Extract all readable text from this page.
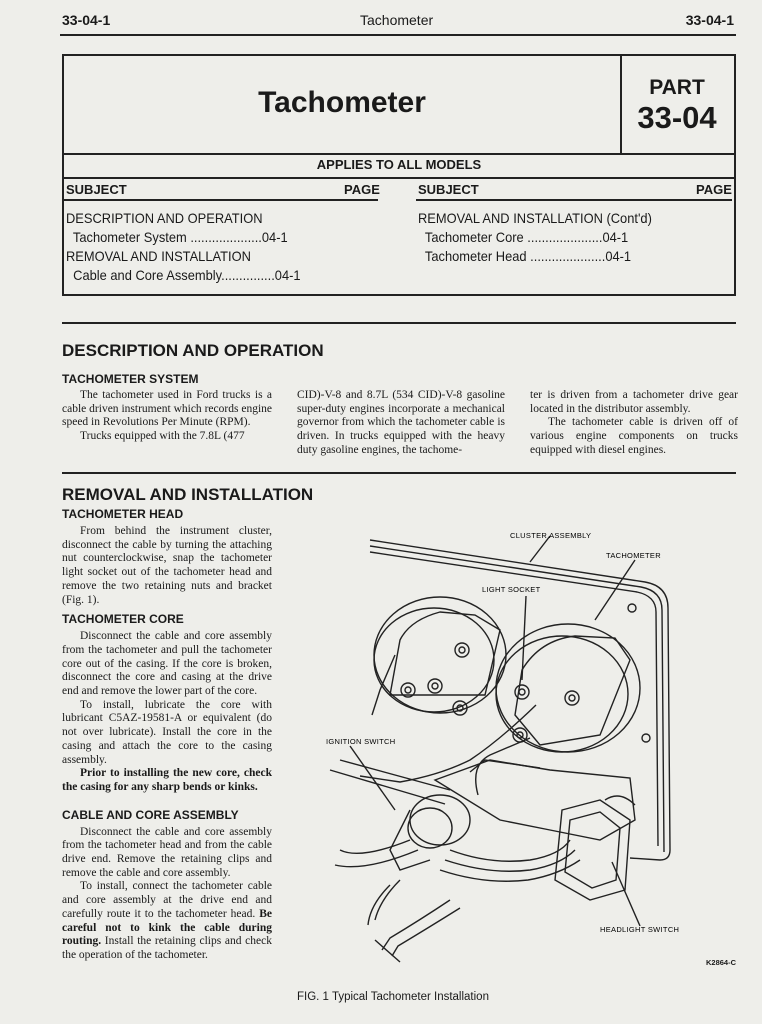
33-04-1	Tachometer	33-04-1
Tachometer	PART
33-04
APPLIES TO ALL MODELS
SUBJECT	PAGE	SUBJECT	PAGE
DESCRIPTION AND OPERATION
Tachometer System ....................04-1
REMOVAL AND INSTALLATION
Cable and Core Assembly...............04-1
REMOVAL AND INSTALLATION (Cont'd)
Tachometer Core .....................04-1
Tachometer Head .....................04-1
DESCRIPTION AND OPERATION
TACHOMETER SYSTEM

The tachometer used in Ford trucks is a cable driven instrument which records engine speed in Revolutions Per Minute (RPM).

Trucks equipped with the 7.8L (477

CID)-V-8 and 8.7L (534 CID)-V-8 gasoline super-duty engines incorporate a mechanical governor from which the tachometer cable is driven. In trucks equipped with the heavy duty gasoline engines, the tachome-

ter is driven from a tachometer drive gear located in the distributor assembly.

The tachometer cable is driven off of various engine components on trucks equipped with diesel engines.

REMOVAL AND INSTALLATION
TACHOMETER HEAD

From behind the instrument cluster, disconnect the cable by turning the attaching nut counterclockwise, snap the tachometer light socket out of the tachometer head and remove the two retaining nuts and bracket (Fig. 1).

TACHOMETER CORE

Disconnect the cable and core assembly from the tachometer and pull the tachometer core out of the casing. If the core is broken, disconnect the core and casing at the drive end and remove the lower part of the core.

To install, lubricate the core with lubricant C5AZ-19581-A or equivalent (do not over lubricate). Install the core in the casing and attach the core to the casing assembly.

Prior to installing the new core, check the casing for any sharp bends or kinks.

CABLE AND CORE ASSEMBLY

Disconnect the cable and core assembly from the tachometer head and from the cable drive end. Remove the retaining clips and remove the cable and core assembly.

To install, connect the tachometer cable and core assembly at the drive end and carefully route it to the tachometer head. Be careful not to kink the cable during routing. Install the retaining clips and check the operation of the tachometer.

CLUSTER ASSEMBLY
TACHOMETER
LIGHT SOCKET
IGNITION SWITCH
HEADLIGHT SWITCH
K2864-C
FIG. 1 Typical Tachometer Installation
